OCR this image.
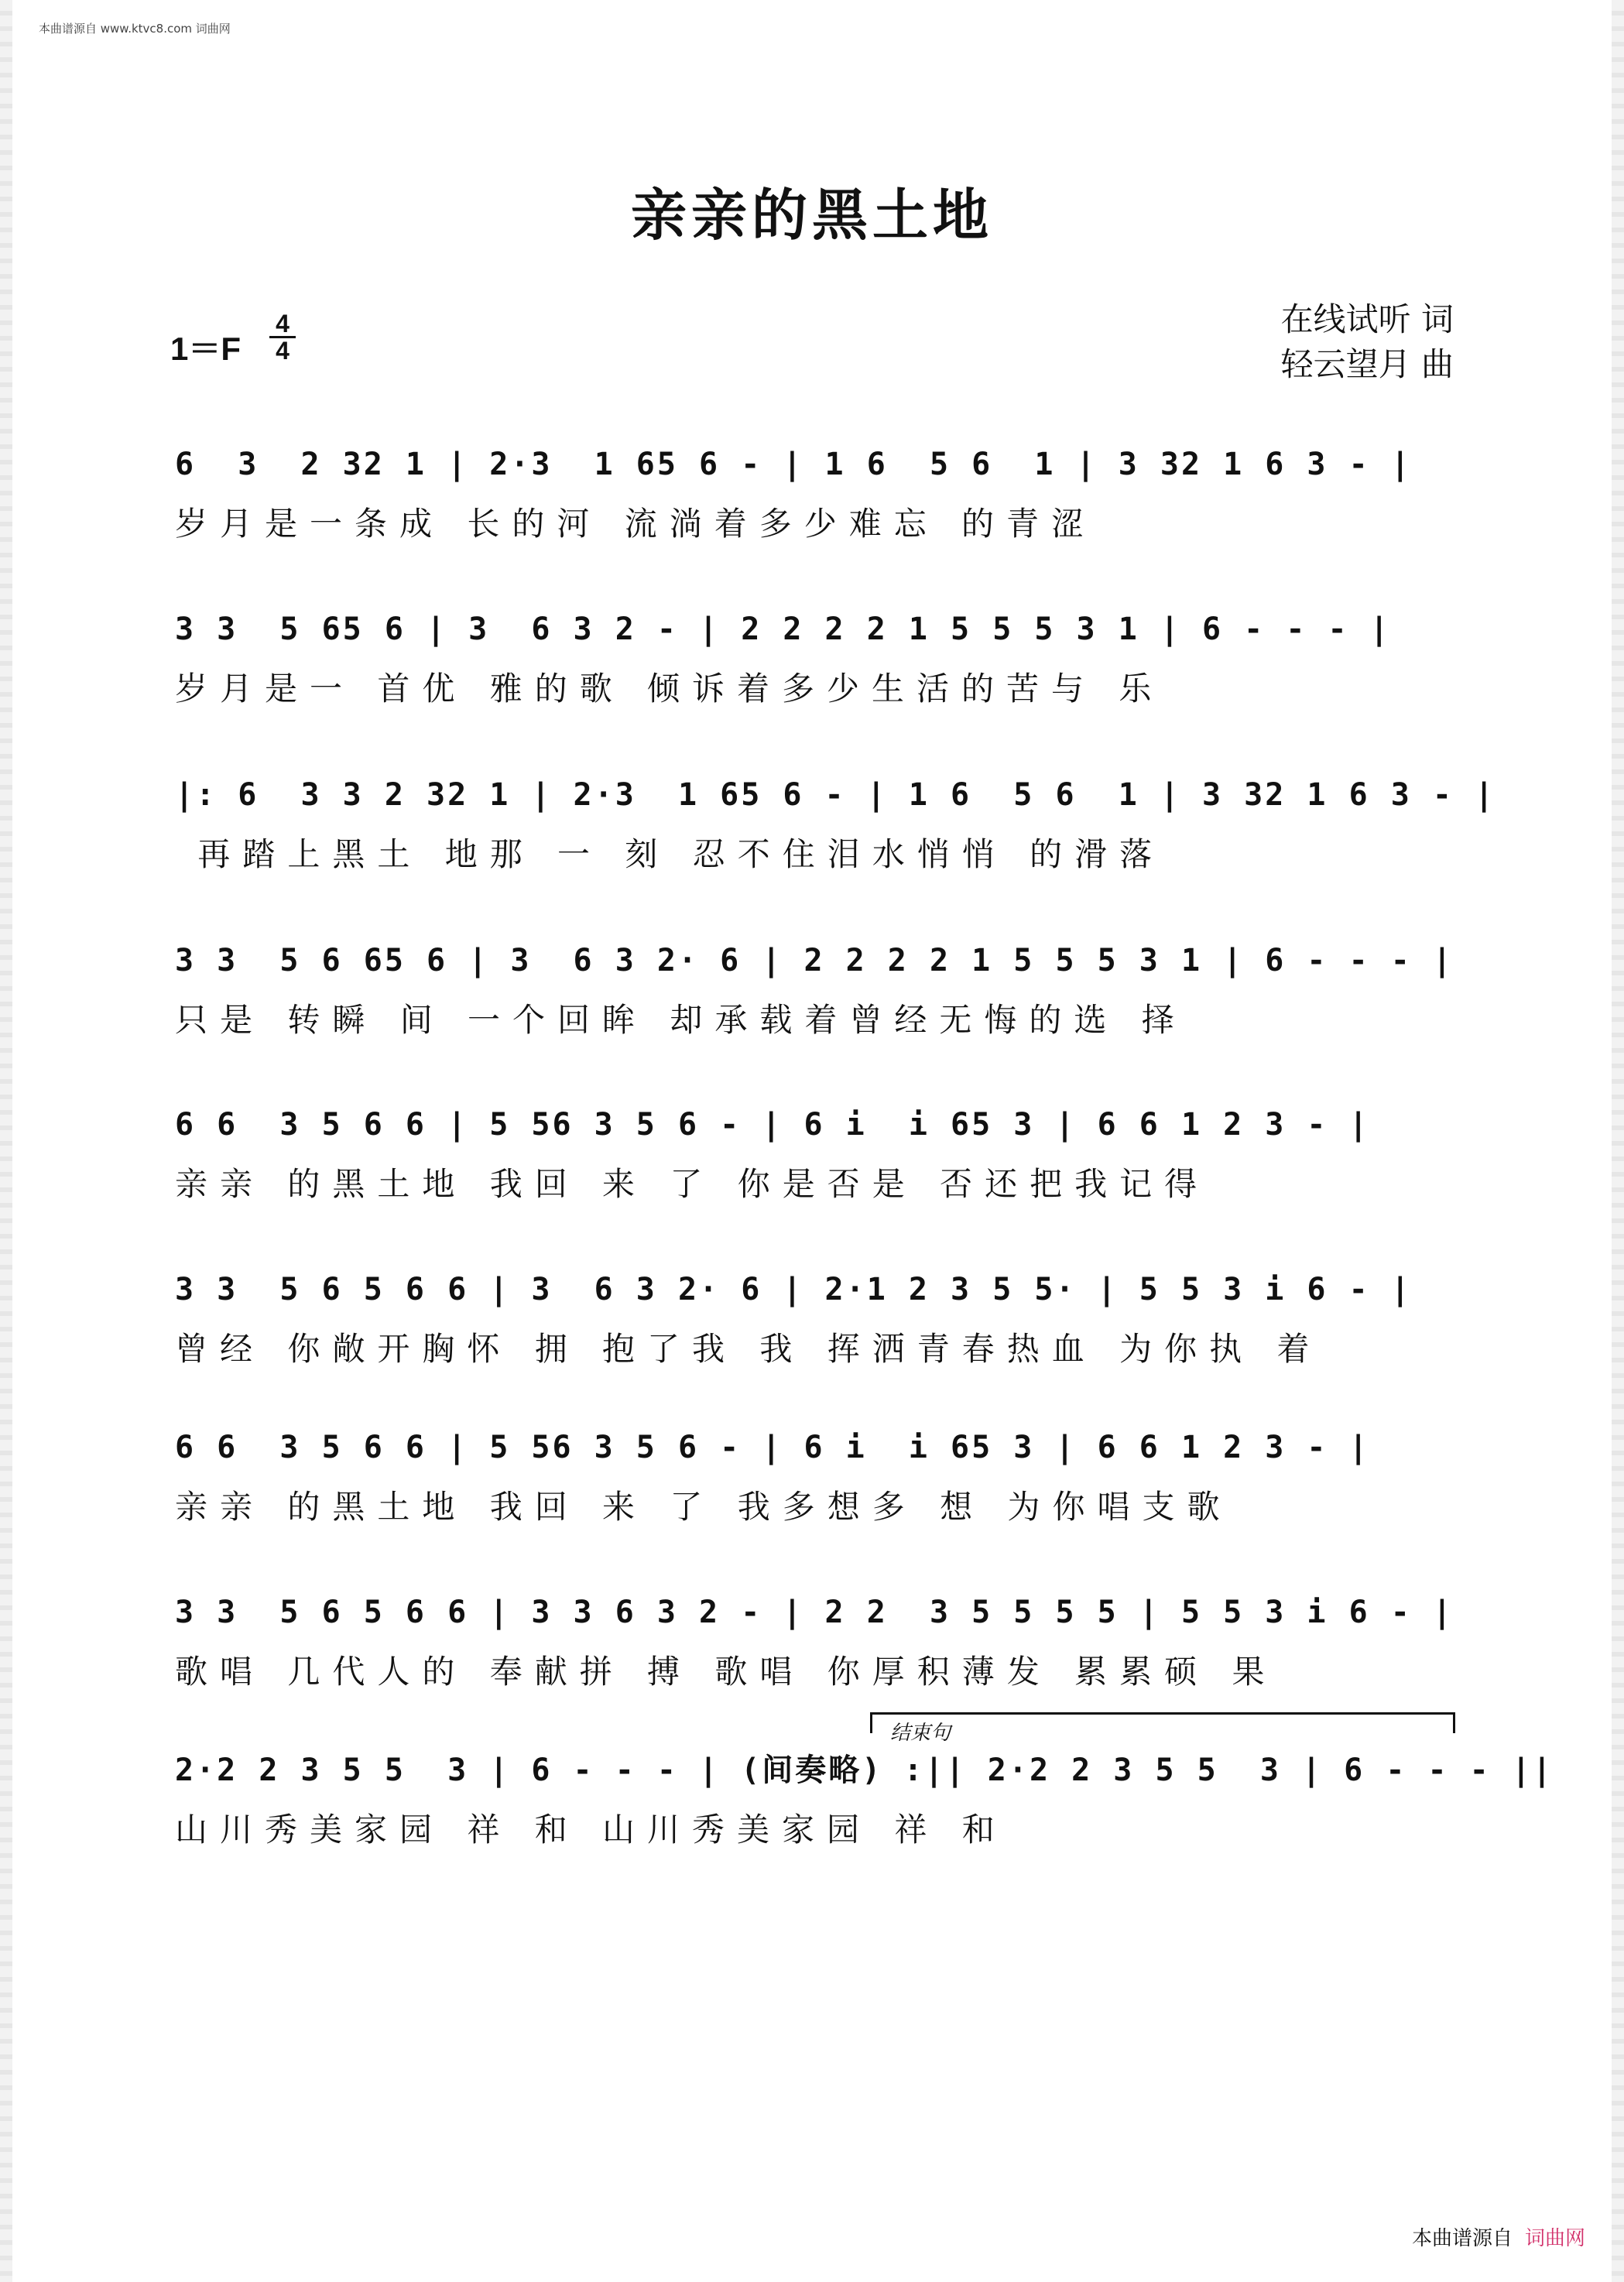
本曲谱源自 www.ktvc8.com 词曲网
亲亲的黑土地
1＝F
4
4
在线试听 词
轻云望月 曲
6  3  2 32 1 | 2·3  1 65 6 - | 1 6  5 6  1 | 3 32 1 6 3 - |
岁月是一条成 长的河 流淌着多少难忘 的青涩
3 3  5 65 6 | 3  6 3 2 - | 2 2 2 2 1 5 5 5 3 1 | 6 - - - |
岁月是一 首优 雅的歌 倾诉着多少生活的苦与 乐
|: 6  3 3 2 32 1 | 2·3  1 65 6 - | 1 6  5 6  1 | 3 32 1 6 3 - |
再踏上黑土 地那 一 刻 忍不住泪水悄悄 的滑落
3 3  5 6 65 6 | 3  6 3 2· 6 | 2 2 2 2 1 5 5 5 3 1 | 6 - - - |
只是 转瞬 间 一个回眸 却承载着曾经无悔的选 择
6 6  3 5 6 6 | 5 56 3 5 6 - | 6 i  i 65 3 | 6 6 1 2 3 - |
亲亲 的黑土地 我回 来 了 你是否是 否还把我记得
3 3  5 6 5 6 6 | 3  6 3 2· 6 | 2·1 2 3 5 5· | 5 5 3 i 6 - |
曾经 你敞开胸怀 拥 抱了我 我 挥洒青春热血 为你执 着
6 6  3 5 6 6 | 5 56 3 5 6 - | 6 i  i 65 3 | 6 6 1 2 3 - |
亲亲 的黑土地 我回 来 了 我多想多 想 为你唱支歌
3 3  5 6 5 6 6 | 3 3 6 3 2 - | 2 2  3 5 5 5 5 | 5 5 3 i 6 - |
歌唱 几代人的 奉献拼 搏 歌唱 你厚积薄发 累累硕 果
结束句
2·2 2 3 5 5  3 | 6 - - - | (间奏略) :|| 2·2 2 3 5 5  3 | 6 - - - ||
山川秀美家园 祥 和 山川秀美家园 祥 和
本曲谱源自 词曲网
